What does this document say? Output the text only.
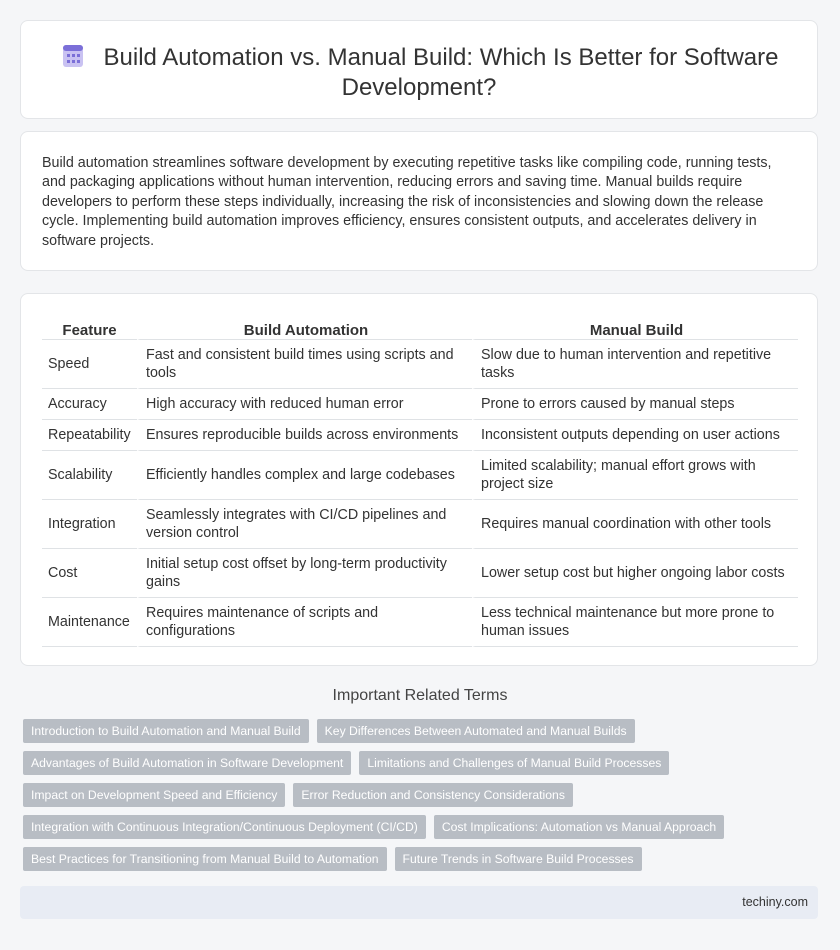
Build Automation vs. Manual Build: Which Is Better for Software Development?
Build automation streamlines software development by executing repetitive tasks like compiling code, running tests, and packaging applications without human intervention, reducing errors and saving time. Manual builds require developers to perform these steps individually, increasing the risk of inconsistencies and slowing down the release cycle. Implementing build automation improves efficiency, ensures consistent outputs, and accelerates delivery in software projects.
Feature	Build Automation	Manual Build
Speed	Fast and consistent build times using scripts and tools	Slow due to human intervention and repetitive tasks
Accuracy	High accuracy with reduced human error	Prone to errors caused by manual steps
Repeatability	Ensures reproducible builds across environments	Inconsistent outputs depending on user actions
Scalability	Efficiently handles complex and large codebases	Limited scalability; manual effort grows with project size
Integration	Seamlessly integrates with CI/CD pipelines and version control	Requires manual coordination with other tools
Cost	Initial setup cost offset by long-term productivity gains	Lower setup cost but higher ongoing labor costs
Maintenance	Requires maintenance of scripts and configurations	Less technical maintenance but more prone to human issues
Important Related Terms
Introduction to Build Automation and Manual Build	Key Differences Between Automated and Manual Builds
Advantages of Build Automation in Software Development	Limitations and Challenges of Manual Build Processes
Impact on Development Speed and Efficiency	Error Reduction and Consistency Considerations
Integration with Continuous Integration/Continuous Deployment (CI/CD)	Cost Implications: Automation vs Manual Approach
Best Practices for Transitioning from Manual Build to Automation	Future Trends in Software Build Processes
techiny.com
